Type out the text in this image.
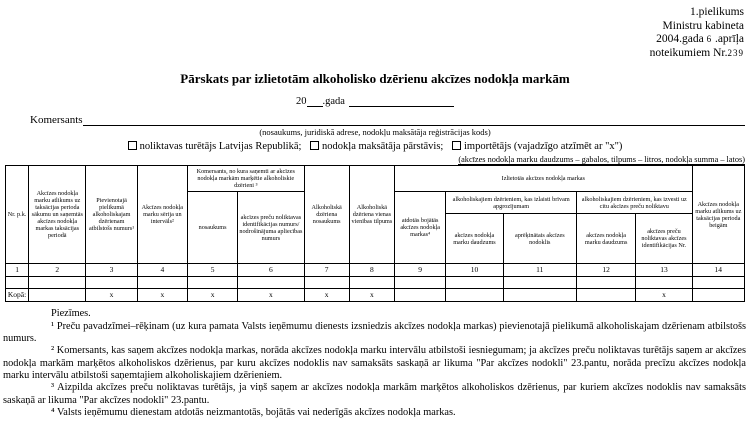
1.pielikums
Ministru kabineta
2004.gada 6 .aprīļa
noteikumiem Nr.239
Pārskats par izlietotām alkoholisko dzērienu akcīzes nodokļa markām
20 .gada
Komersants
(nosaukums, juridiskā adrese, nodokļu maksātāja reģistrācijas kods)
noliktavas turētājs Latvijas Republikā; nodokļa maksātāja pārstāvis; importētājs (vajadzīgo atzīmēt ar "x")
(akcīzes nodokļa marku daudzums – gabalos, tilpums – litros, nodokļa summa – latos)
Nr. p.k.	Akcīzes nodokļa marku atlikums uz taksācijas perioda sākumu un saņemtās akcīzes nodokļa markas taksācijas periodā	Pievienotajā pielikumā alkoholiskajam dzērienam atbilstošs numurs¹	Akcīzes nodokļa marku sērija un intervāls²	Komersants, no kura saņemti ar akcīzes nodokļa markām marķētie alkoholiskie dzērieni ³		Alkoholiskā dzēriena nosaukums	Alkoholiskā dzēriena vienas vienības tilpums	Izlietotās akcīzes nodokļa markas					Akcīzes nodokļa marku atlikums uz taksācijas perioda beigām
				nosaukums	akcīzes preču noliktavas identifikācijas numurs/ nodrošinājuma apliecības numurs			atdotās bojātās akcīzes nodokļa markas⁴	alkoholiskajiem dzērieniem, kas izlaisti brīvam apgrozījumam		alkoholiskajiem dzērieniem, kas izvesti uz citu akcīzes preču noliktavu		
									akcīzes nodokļa marku daudzums	aprēķinātais akcīzes nodoklis	akcīzes nodokļa marku daudzums	akcīzes preču noliktavas akcīzes identifikācijas Nr.	
1	2	3	4	5	6	7	8	9	10	11	12	13	14

Kopā:		x	x	x	x	x	x					x	

Piezīmes.

¹ Preču pavadzīmei–rēķinam (uz kura pamata Valsts ieņēmumu dienests izsniedzis akcīzes nodokļa markas) pievienotajā pielikumā alkoholiskajam dzērienam atbilstošs numurs.

² Komersants, kas saņem akcīzes nodokļa markas, norāda akcīzes nodokļa marku intervālu atbilstoši iesniegumam; ja akcīzes preču noliktavas turētājs saņem ar akcīzes nodokļa markām marķētos alkoholiskos dzērienus, par kuru akcīzes nodoklis nav samaksāts saskaņā ar likuma "Par akcīzes nodokli" 23.pantu, norāda precīzu akcīzes nodokļa marku intervālu atbilstoši saņemtajiem alkoholiskajiem dzērieniem.

³ Aizpilda akcīzes preču noliktavas turētājs, ja viņš saņem ar akcīzes nodokļa markām marķētos alkoholiskos dzērienus, par kuriem akcīzes nodoklis nav samaksāts saskaņā ar likuma "Par akcīzes nodokli" 23.pantu.

⁴ Valsts ieņēmumu dienestam atdotās neizmantotās, bojātās vai nederīgās akcīzes nodokļa markas.
